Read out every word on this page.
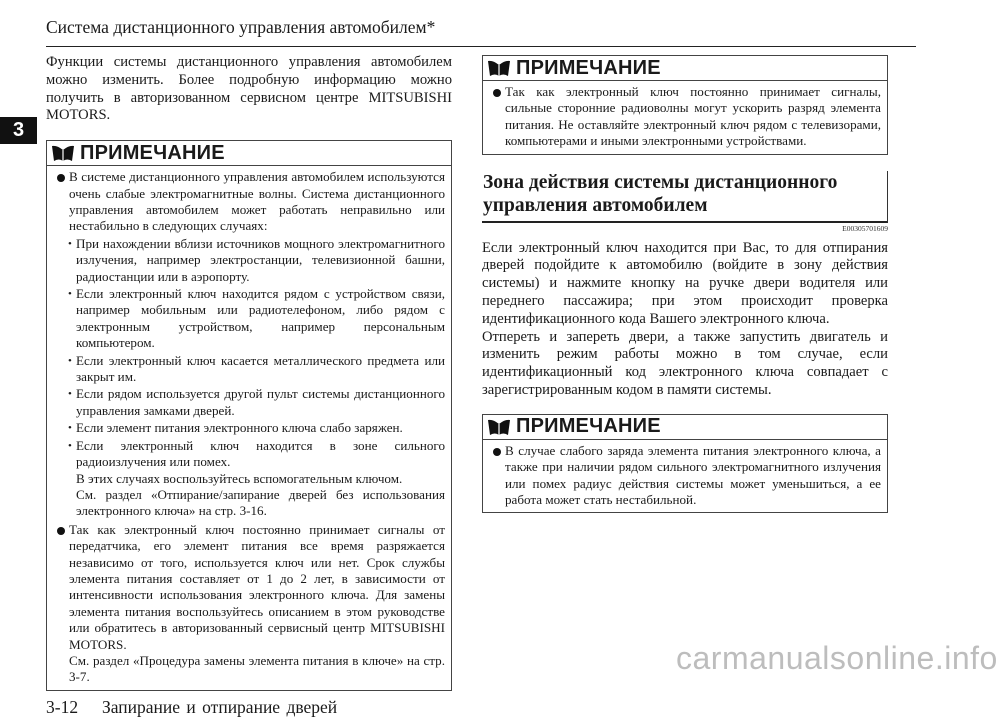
Система дистанционного управления автомобилем*
3
Функции системы дистанционного управления автомобилем можно изменить. Более подробную информацию можно получить в авторизованном сервисном центре MITSUBISHI MOTORS.
ПРИМЕЧАНИЕ
В системе дистанционного управления автомобилем используются очень слабые электромагнитные волны. Система дистанционного управления автомобилем может работать неправильно или нестабильно в следующих случаях:
• При нахождении вблизи источников мощного электромагнитного излучения, например электростанции, телевизионной башни, радиостанции или в аэропорту.
• Если электронный ключ находится рядом с устройством связи, например мобильным или радиотелефоном, либо рядом с электронным устройством, например персональным компьютером.
• Если электронный ключ касается металлического предмета или закрыт им.
• Если рядом используется другой пульт системы дистанционного управления замками дверей.
• Если элемент питания электронного ключа слабо заряжен.
• Если электронный ключ находится в зоне сильного радиоизлучения или помех.
В этих случаях воспользуйтесь вспомогательным ключом.
См. раздел «Отпирание/запирание дверей без использования электронного ключа» на стр. 3-16.
Так как электронный ключ постоянно принимает сигналы от передатчика, его элемент питания все время разряжается независимо от того, используется ключ или нет. Срок службы элемента питания составляет от 1 до 2 лет, в зависимости от интенсивности использования электронного ключа. Для замены элемента питания воспользуйтесь описанием в этом руководстве или обратитесь в авторизованный сервисный центр MITSUBISHI MOTORS.
См. раздел «Процедура замены элемента питания в ключе» на стр. 3-7.
3-12 Запирание и отпирание дверей
ПРИМЕЧАНИЕ
Так как электронный ключ постоянно принимает сигналы, сильные сторонние радиоволны могут ускорить разряд элемента питания. Не оставляйте электронный ключ рядом с телевизорами, компьютерами и иными электронными устройствами.
Зона действия системы дистанционного
управления автомобилем
E00305701609

Если электронный ключ находится при Вас, то для отпирания дверей подойдите к автомобилю (войдите в зону действия системы) и нажмите кнопку на ручке двери водителя или переднего пассажира; при этом происходит проверка идентификационного кода Вашего электронного ключа.

Отпереть и запереть двери, а также запустить двигатель и изменить режим работы можно в том случае, если идентификационный код электронного ключа совпадает с зарегистрированным кодом в памяти системы.

ПРИМЕЧАНИЕ
В случае слабого заряда элемента питания электронного ключа, а также при наличии рядом сильного электромагнитного излучения или помех радиус действия системы может уменьшиться, а ее работа может стать нестабильной.
carmanualsonline.info
